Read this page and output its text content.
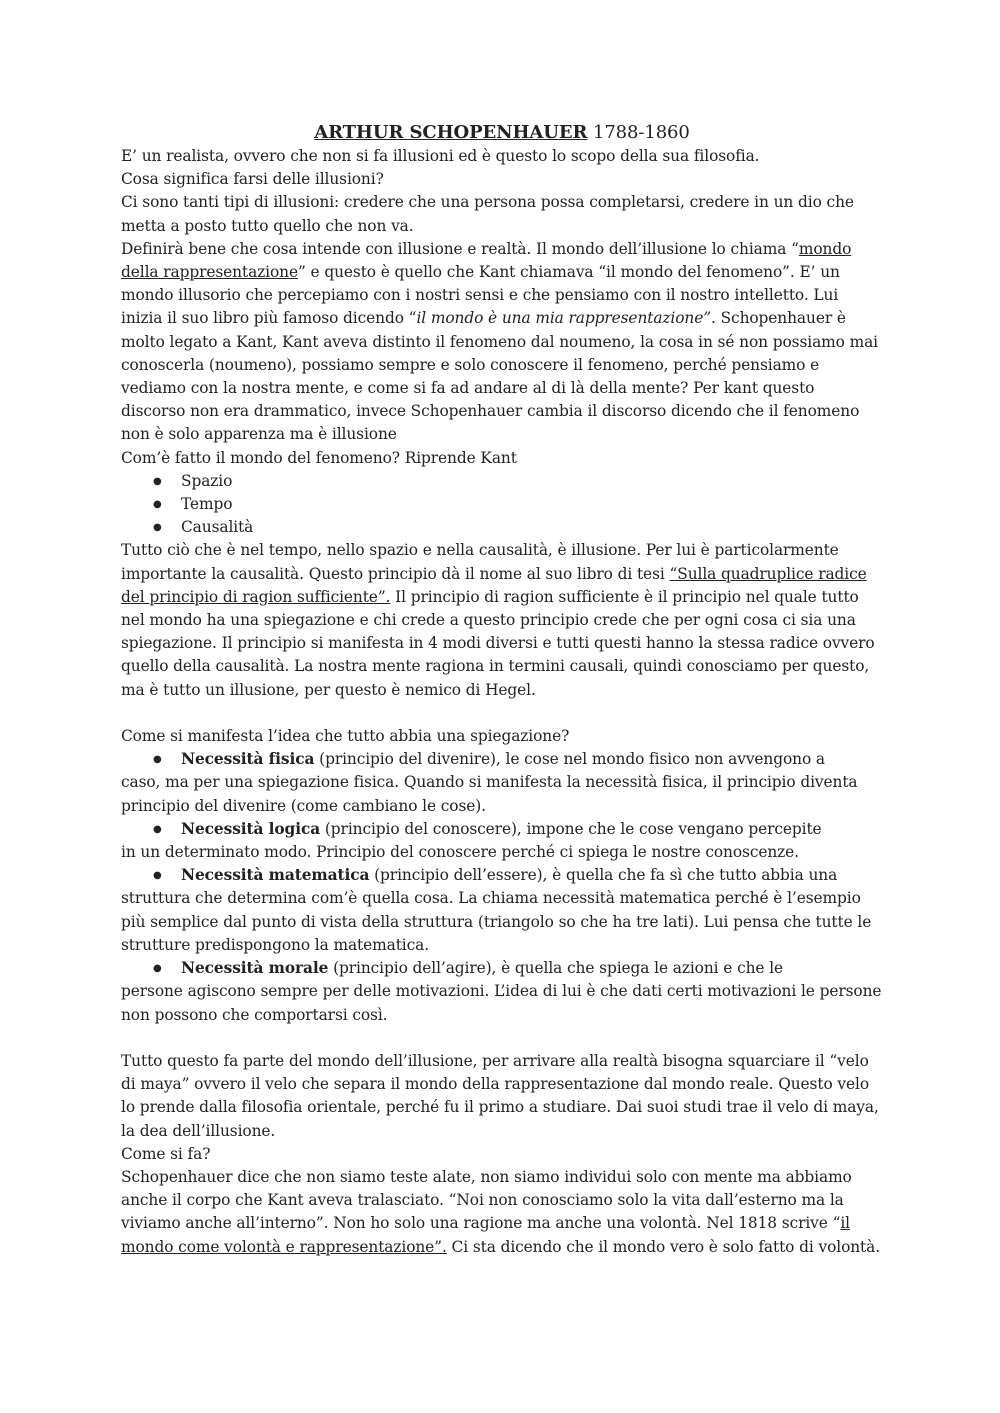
ARTHUR SCHOPENHAUER 1788-1860

E’ un realista, ovvero che non si fa illusioni ed è questo lo scopo della sua filosofia.

Cosa significa farsi delle illusioni?

Ci sono tanti tipi di illusioni: credere che una persona possa completarsi, credere in un dio che metta a posto tutto quello che non va.

Definirà bene che cosa intende con illusione e realtà. Il mondo dell’illusione lo chiama “mondo della rappresentazione” e questo è quello che Kant chiamava “il mondo del fenomeno”. E’ un mondo illusorio che percepiamo con i nostri sensi e che pensiamo con il nostro intelletto. Lui inizia il suo libro più famoso dicendo “il mondo è una mia rappresentazione”. Schopenhauer è molto legato a Kant, Kant aveva distinto il fenomeno dal noumeno, la cosa in sé non possiamo mai conoscerla (noumeno), possiamo sempre e solo conoscere il fenomeno, perché pensiamo e vediamo con la nostra mente, e come si fa ad andare al di là della mente? Per kant questo discorso non era drammatico, invece Schopenhauer cambia il discorso dicendo che il fenomeno non è solo apparenza ma è illusione

Com’è fatto il mondo del fenomeno? Riprende Kant

● Spazio
● Tempo
● Causalità

Tutto ciò che è nel tempo, nello spazio e nella causalità, è illusione. Per lui è particolarmente importante la causalità. Questo principio dà il nome al suo libro di tesi “Sulla quadruplice radice del principio di ragion sufficiente”. Il principio di ragion sufficiente è il principio nel quale tutto nel mondo ha una spiegazione e chi crede a questo principio crede che per ogni cosa ci sia una spiegazione. Il principio si manifesta in 4 modi diversi e tutti questi hanno la stessa radice ovvero quello della causalità. La nostra mente ragiona in termini causali, quindi conosciamo per questo, ma è tutto un illusione, per questo è nemico di Hegel.

Come si manifesta l’idea che tutto abbia una spiegazione?

● Necessità fisica (principio del divenire), le cose nel mondo fisico non avvengono a
caso, ma per una spiegazione fisica. Quando si manifesta la necessità fisica, il principio diventa principio del divenire (come cambiano le cose).
● Necessità logica (principio del conoscere), impone che le cose vengano percepite
in un determinato modo. Principio del conoscere perché ci spiega le nostre conoscenze.
● Necessità matematica (principio dell’essere), è quella che fa sì che tutto abbia una
struttura che determina com’è quella cosa. La chiama necessità matematica perché è l’esempio più semplice dal punto di vista della struttura (triangolo so che ha tre lati). Lui pensa che tutte le strutture predispongono la matematica.
● Necessità morale (principio dell’agire), è quella che spiega le azioni e che le
persone agiscono sempre per delle motivazioni. L’idea di lui è che dati certi motivazioni le persone non possono che comportarsi così.

Tutto questo fa parte del mondo dell’illusione, per arrivare alla realtà bisogna squarciare il “velo di maya” ovvero il velo che separa il mondo della rappresentazione dal mondo reale. Questo velo lo prende dalla filosofia orientale, perché fu il primo a studiare. Dai suoi studi trae il velo di maya, la dea dell’illusione.

Come si fa?

Schopenhauer dice che non siamo teste alate, non siamo individui solo con mente ma abbiamo anche il corpo che Kant aveva tralasciato. “Noi non conosciamo solo la vita dall’esterno ma la viviamo anche all’interno”. Non ho solo una ragione ma anche una volontà. Nel 1818 scrive “il mondo come volontà e rappresentazione”. Ci sta dicendo che il mondo vero è solo fatto di volontà.
